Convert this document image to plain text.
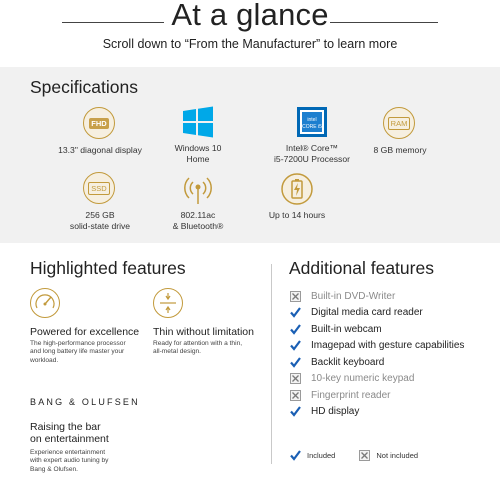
At a glance
Scroll down to “From the Manufacturer” to learn more
Specifications
FHD
13.3" diagonal display	Windows 10
Home
intel
CORE i5
Intel® Core™
i5-7200U Processor
RAM
8 GB memory
SSD
256 GB
solid-state drive
802.11ac
& Bluetooth®
Up to 14 hours
Highlighted features	Additional features
Powered for excellence
The high-performance processor
and long battery life master your
workload.
Thin without limitation
Ready for attention with a thin,
all-metal design.
BANG & OLUFSEN
Raising the bar
on entertainment
Experience entertainment
with expert audio tuning by
Bang & Olufsen.
Built-in DVD-Writer
Digital media card reader
Built-in webcam
Imagepad with gesture capabilities
Backlit keyboard
10-key numeric keypad
Fingerprint reader
HD display
Included	Not included
